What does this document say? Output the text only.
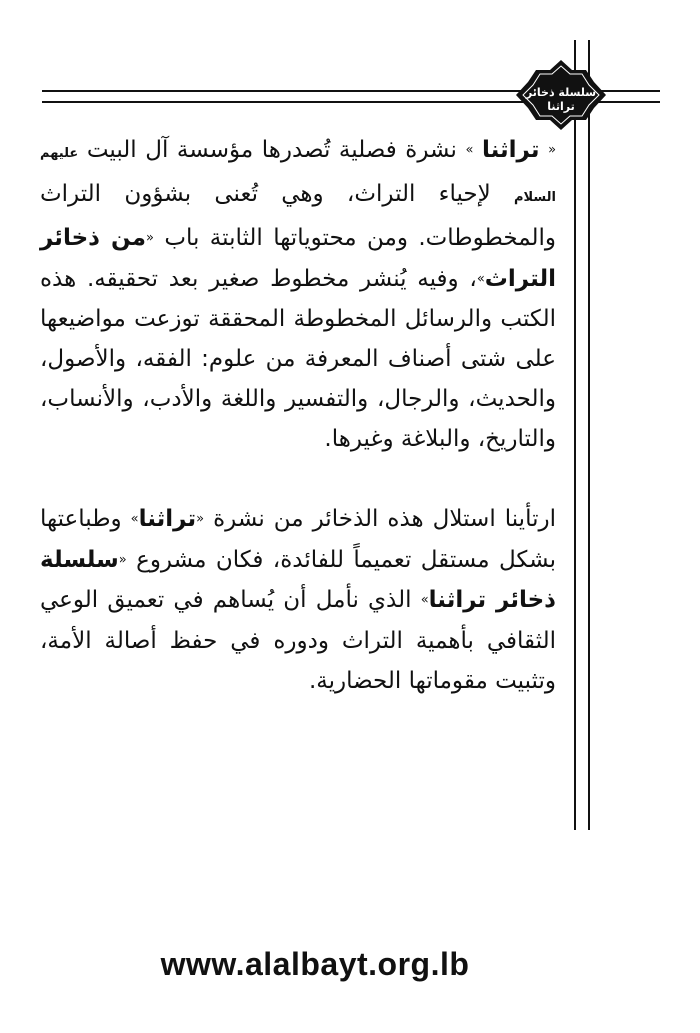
سلسلة ذخائر تراثنا

« تراثنا » نشرة فصلية تُصدرها مؤسسة آل البيت عليهم السلام لإحياء التراث، وهي تُعنى بشؤون التراث والمخطوطات. ومن محتوياتها الثابتة باب «من ذخائر التراث»، وفيه يُنشر مخطوط صغير بعد تحقيقه. هذه الكتب والرسائل المخطوطة المحققة توزعت مواضيعها على شتى أصناف المعرفة من علوم: الفقه، والأصول، والحديث، والرجال، والتفسير واللغة والأدب، والأنساب، والتاريخ، والبلاغة وغيرها.

ارتأينا استلال هذه الذخائر من نشرة «تراثنا» وطباعتها بشكل مستقل تعميماً للفائدة، فكان مشروع «سلسلة ذخائر تراثنا» الذي نأمل أن يُساهم في تعميق الوعي الثقافي بأهمية التراث ودوره في حفظ أصالة الأمة، وتثبيت مقوماتها الحضارية.

www.alalbayt.org.lb
